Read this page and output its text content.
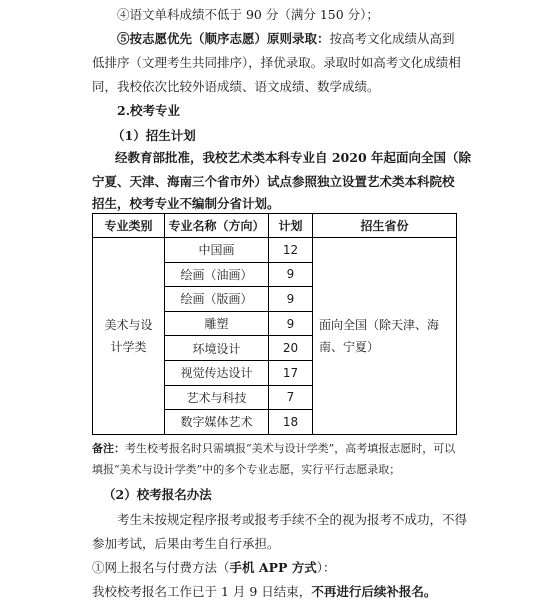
④语文单科成绩不低于 90 分（满分 150 分）；
⑤按志愿优先（顺序志愿）原则录取：按高考文化成绩从高到
低排序（文理考生共同排序），择优录取。录取时如高考文化成绩相
同，我校依次比较外语成绩、语文成绩、数学成绩。
2.校考专业
（1）招生计划
经教育部批准，我校艺术类本科专业自 2020 年起面向全国（除
宁夏、天津、海南三个省市外）试点参照独立设置艺术类本科院校
招生，校考专业不编制分省计划。
专业类别	专业名称（方向）	计划	招生省份
美术与设
计学类	中国画	12	面向全国（除天津、海
南、宁夏）
	绘画（油画）	9	
	绘画（版画）	9	
	雕塑	9	
	环境设计	20	
	视觉传达设计	17	
	艺术与科技	7	
	数字媒体艺术	18	
备注：考生校考报名时只需填报“美术与设计学类”，高考填报志愿时，可以
填报“美术与设计学类”中的多个专业志愿，实行平行志愿录取；
（2）校考报名办法
考生未按规定程序报考或报考手续不全的视为报考不成功，不得
参加考试，后果由考生自行承担。
①网上报名与付费方法（手机 APP 方式）：
我校校考报名工作已于 1 月 9 日结束，不再进行后续补报名。
